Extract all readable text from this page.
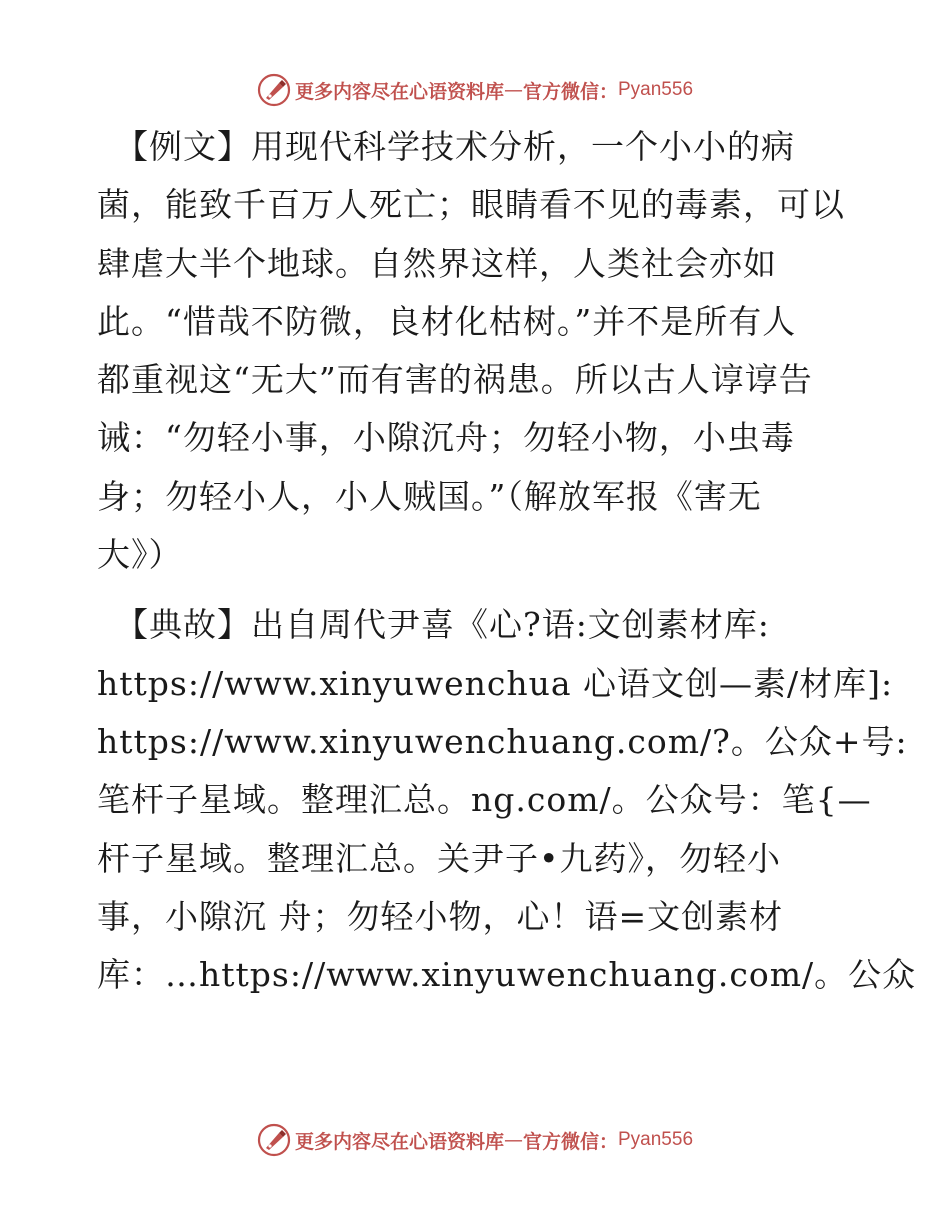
更多内容尽在心语资料库 — 官方微信： Pyan556
【例文】用现代科学技术分析，一个小小的病
菌，能致千百万人死亡；眼睛看不见的毒素，可以
肆虐大半个地球。自然界这样，人类社会亦如
此。“惜哉不防微，良材化枯树。”并不是所有人
都重视这“无大”而有害的祸患。所以古人谆谆告
诫：“勿轻小事，小隙沉舟；勿轻小物，小虫毒
身；勿轻小人，小人贼国。”（解放军报《害无
大》）
【典故】出自周代尹喜《心?语:文创素材库:
https://www.xinyuwenchua 心语文创—素/材库]:
https://www.xinyuwenchuang.com/?。公众+号:
笔杆子星域。整理汇总。ng.com/。公众号：笔{—
杆子星域。整理汇总。关尹子•九药》，勿轻小
事，小隙沉 舟；勿轻小物，心！语=文创素材
库：…https://www.xinyuwenchuang.com/。公众
更多内容尽在心语资料库 — 官方微信： Pyan556
